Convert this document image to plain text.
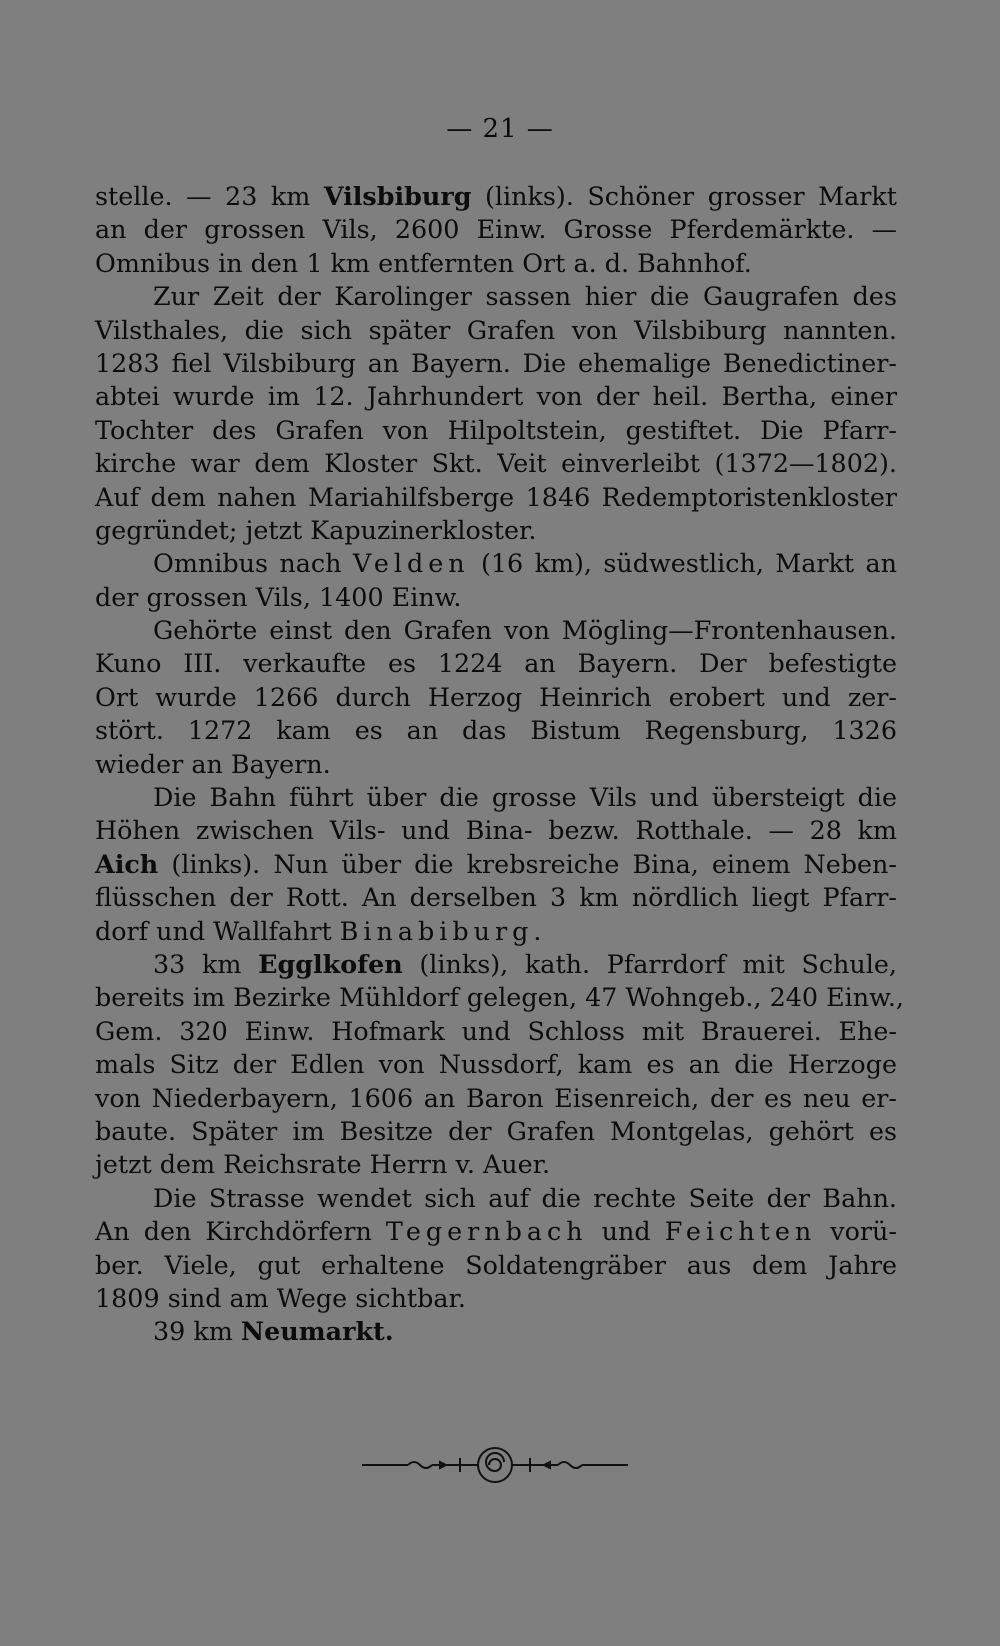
— 21 —
stelle. — 23 km Vilsbiburg (links). Schöner grosser Markt
an der grossen Vils, 2600 Einw. Grosse Pferdemärkte. —
Omnibus in den 1 km entfernten Ort a. d. Bahnhof.
Zur Zeit der Karolinger sassen hier die Gaugrafen des
Vilsthales, die sich später Grafen von Vilsbiburg nannten.
1283 fiel Vilsbiburg an Bayern. Die ehemalige Benedictiner-
abtei wurde im 12. Jahrhundert von der heil. Bertha, einer
Tochter des Grafen von Hilpoltstein, gestiftet. Die Pfarr-
kirche war dem Kloster Skt. Veit einverleibt (1372—1802).
Auf dem nahen Mariahilfsberge 1846 Redemptoristenkloster
gegründet; jetzt Kapuzinerkloster.
Omnibus nach Velden (16 km), südwestlich, Markt an
der grossen Vils, 1400 Einw.
Gehörte einst den Grafen von Mögling—Frontenhausen.
Kuno III. verkaufte es 1224 an Bayern. Der befestigte
Ort wurde 1266 durch Herzog Heinrich erobert und zer-
stört. 1272 kam es an das Bistum Regensburg, 1326
wieder an Bayern.
Die Bahn führt über die grosse Vils und übersteigt die
Höhen zwischen Vils- und Bina- bezw. Rotthale. — 28 km
Aich (links). Nun über die krebsreiche Bina, einem Neben-
flüsschen der Rott. An derselben 3 km nördlich liegt Pfarr-
dorf und Wallfahrt Binabiburg.
33 km Egglkofen (links), kath. Pfarrdorf mit Schule,
bereits im Bezirke Mühldorf gelegen, 47 Wohngeb., 240 Einw.,
Gem. 320 Einw. Hofmark und Schloss mit Brauerei. Ehe-
mals Sitz der Edlen von Nussdorf, kam es an die Herzoge
von Niederbayern, 1606 an Baron Eisenreich, der es neu er-
baute. Später im Besitze der Grafen Montgelas, gehört es
jetzt dem Reichsrate Herrn v. Auer.
Die Strasse wendet sich auf die rechte Seite der Bahn.
An den Kirchdörfern Tegernbach und Feichten vorü-
ber. Viele, gut erhaltene Soldatengräber aus dem Jahre
1809 sind am Wege sichtbar.
39 km Neumarkt.
